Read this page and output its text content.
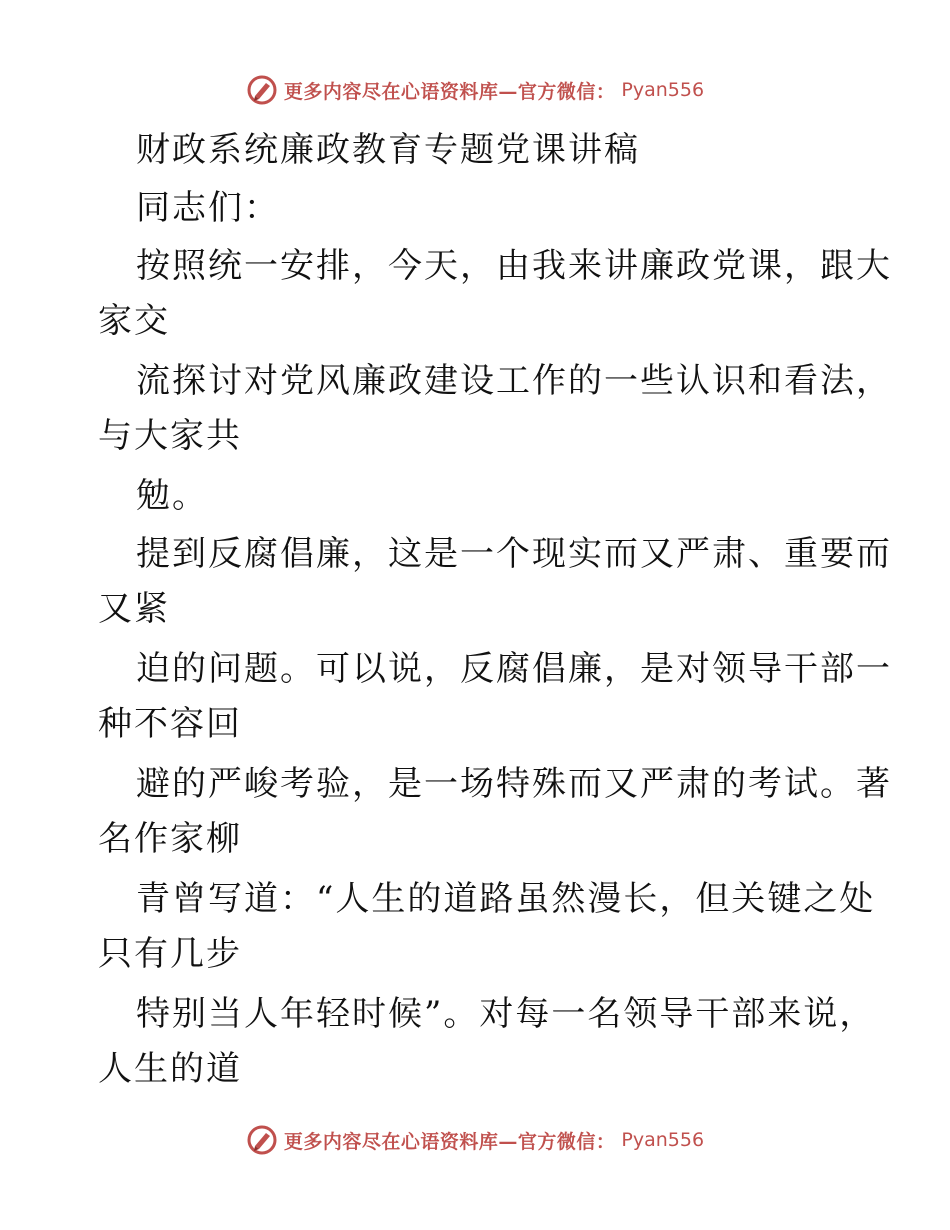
更多内容尽在心语资料库—官方微信： Pyan556
财政系统廉政教育专题党课讲稿
同志们：
按照统一安排，今天，由我来讲廉政党课，跟大
家交
流探讨对党风廉政建设工作的一些认识和看法，
与大家共
勉。
提到反腐倡廉，这是一个现实而又严肃、重要而
又紧
迫的问题。可以说，反腐倡廉，是对领导干部一
种不容回
避的严峻考验，是一场特殊而又严肃的考试。著
名作家柳
青曾写道：“人生的道路虽然漫长，但关键之处
只有几步
特别当人年轻时候”。对每一名领导干部来说，
人生的道
更多内容尽在心语资料库—官方微信： Pyan556
